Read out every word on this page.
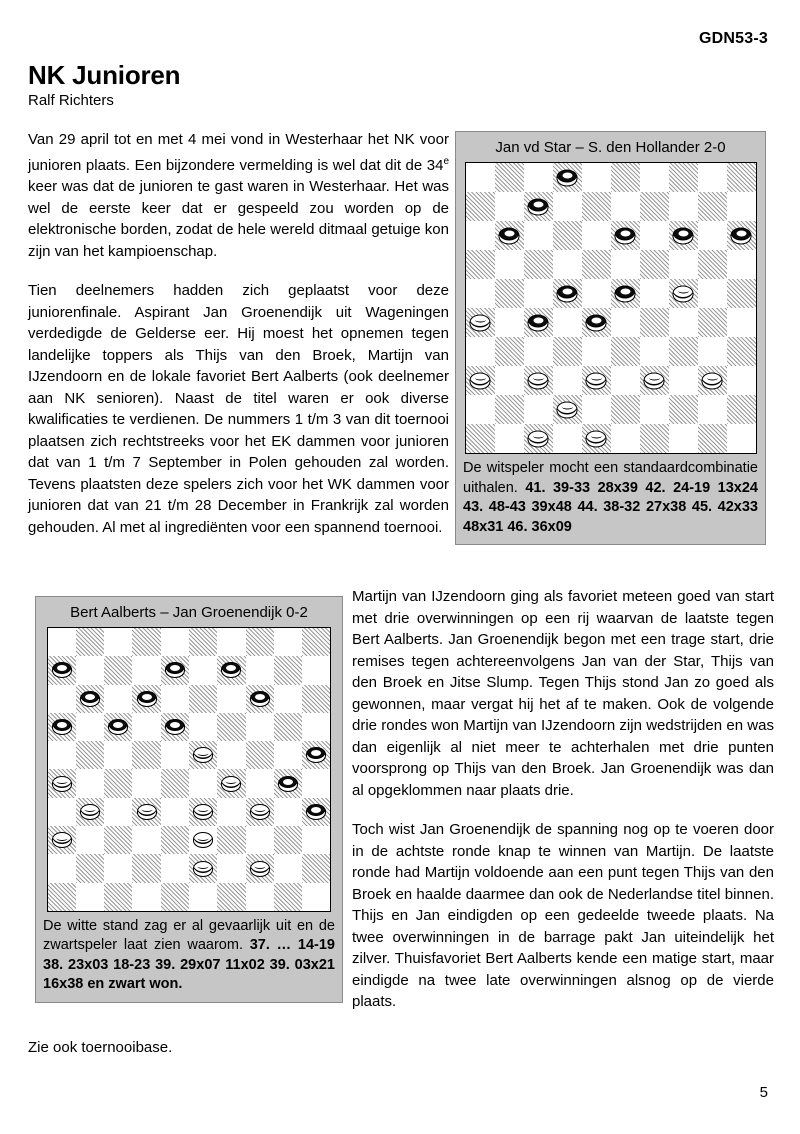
GDN53-3
NK Junioren
Ralf Richters

Van 29 april tot en met 4 mei vond in Westerhaar het NK voor junioren plaats. Een bijzondere vermelding is wel dat dit de 34e keer was dat de junioren te gast waren in Westerhaar. Het was wel de eerste keer dat er gespeeld zou worden op de elektronische borden, zodat de hele wereld ditmaal getuige kon zijn van het kampioenschap.

Tien deelnemers hadden zich geplaatst voor deze juniorenfinale. Aspirant Jan Groenendijk uit Wageningen verdedigde de Gelderse eer. Hij moest het opnemen tegen landelijke toppers als Thijs van den Broek, Martijn van IJzendoorn en de lokale favoriet Bert Aalberts (ook deelnemer aan NK senioren). Naast de titel waren er ook diverse kwalificaties te verdienen. De nummers 1 t/m 3 van dit toernooi plaatsen zich rechtstreeks voor het EK dammen voor junioren dat van 1 t/m 7 September in Polen gehouden zal worden. Tevens plaatsten deze spelers zich voor het WK dammen voor junioren dat van 21 t/m 28 December in Frankrijk zal worden gehouden. Al met al ingrediënten voor een spannend toernooi.

Jan vd Star – S. den Hollander 2-0
De witspeler mocht een standaardcombinatie uithalen. 41. 39-33 28x39 42. 24-19 13x24 43. 48-43 39x48 44. 38-32 27x38 45. 42x33 48x31 46. 36x09
Bert Aalberts – Jan Groenendijk 0-2
De witte stand zag er al gevaarlijk uit en de zwartspeler laat zien waarom. 37. … 14-19 38. 23x03 18-23 39. 29x07 11x02 39. 03x21 16x38 en zwart won.

Martijn van IJzendoorn ging als favoriet meteen goed van start met drie overwinningen op een rij waarvan de laatste tegen Bert Aalberts. Jan Groenendijk begon met een trage start, drie remises tegen achtereenvolgens Jan van der Star, Thijs van den Broek en Jitse Slump. Tegen Thijs stond Jan zo goed als gewonnen, maar vergat hij het af te maken. Ook de volgende drie rondes won Martijn van IJzendoorn zijn wedstrijden en was dan eigenlijk al niet meer te achterhalen met drie punten voorsprong op Thijs van den Broek. Jan Groenendijk was dan al opgeklommen naar plaats drie.

Toch wist Jan Groenendijk de spanning nog op te voeren door in de achtste ronde knap te winnen van Martijn. De laatste ronde had Martijn voldoende aan een punt tegen Thijs van den Broek en haalde daarmee dan ook de Nederlandse titel binnen. Thijs en Jan eindigden op een gedeelde tweede plaats. Na twee overwinningen in de barrage pakt Jan uiteindelijk het zilver. Thuisfavoriet Bert Aalberts kende een matige start, maar eindigde na twee late overwinningen alsnog op de vierde plaats.

Zie ook toernooibase.
5
